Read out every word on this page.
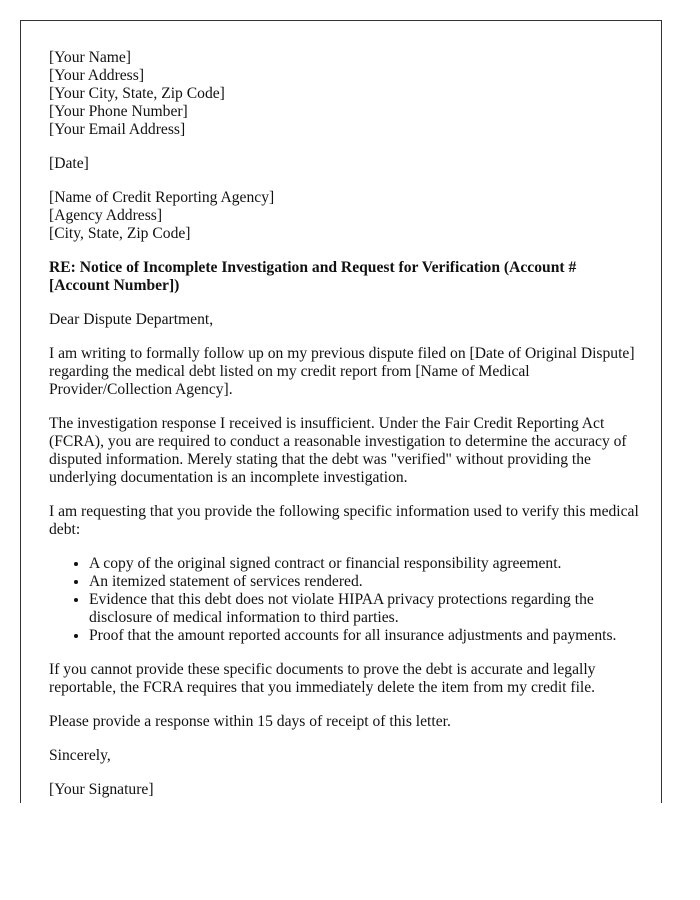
[Your Name]
[Your Address]
[Your City, State, Zip Code]
[Your Phone Number]
[Your Email Address]

[Date]

[Name of Credit Reporting Agency]
[Agency Address]
[City, State, Zip Code]

RE: Notice of Incomplete Investigation and Request for Verification (Account # [Account Number])

Dear Dispute Department,

I am writing to formally follow up on my previous dispute filed on [Date of Original Dispute] regarding the medical debt listed on my credit report from [Name of Medical Provider/Collection Agency].

The investigation response I received is insufficient. Under the Fair Credit Reporting Act (FCRA), you are required to conduct a reasonable investigation to determine the accuracy of disputed information. Merely stating that the debt was "verified" without providing the underlying documentation is an incomplete investigation.

I am requesting that you provide the following specific information used to verify this medical debt:

• A copy of the original signed contract or financial responsibility agreement.
• An itemized statement of services rendered.
• Evidence that this debt does not violate HIPAA privacy protections regarding the disclosure of medical information to third parties.
• Proof that the amount reported accounts for all insurance adjustments and payments.

If you cannot provide these specific documents to prove the debt is accurate and legally reportable, the FCRA requires that you immediately delete the item from my credit file.

Please provide a response within 15 days of receipt of this letter.

Sincerely,

[Your Signature]
